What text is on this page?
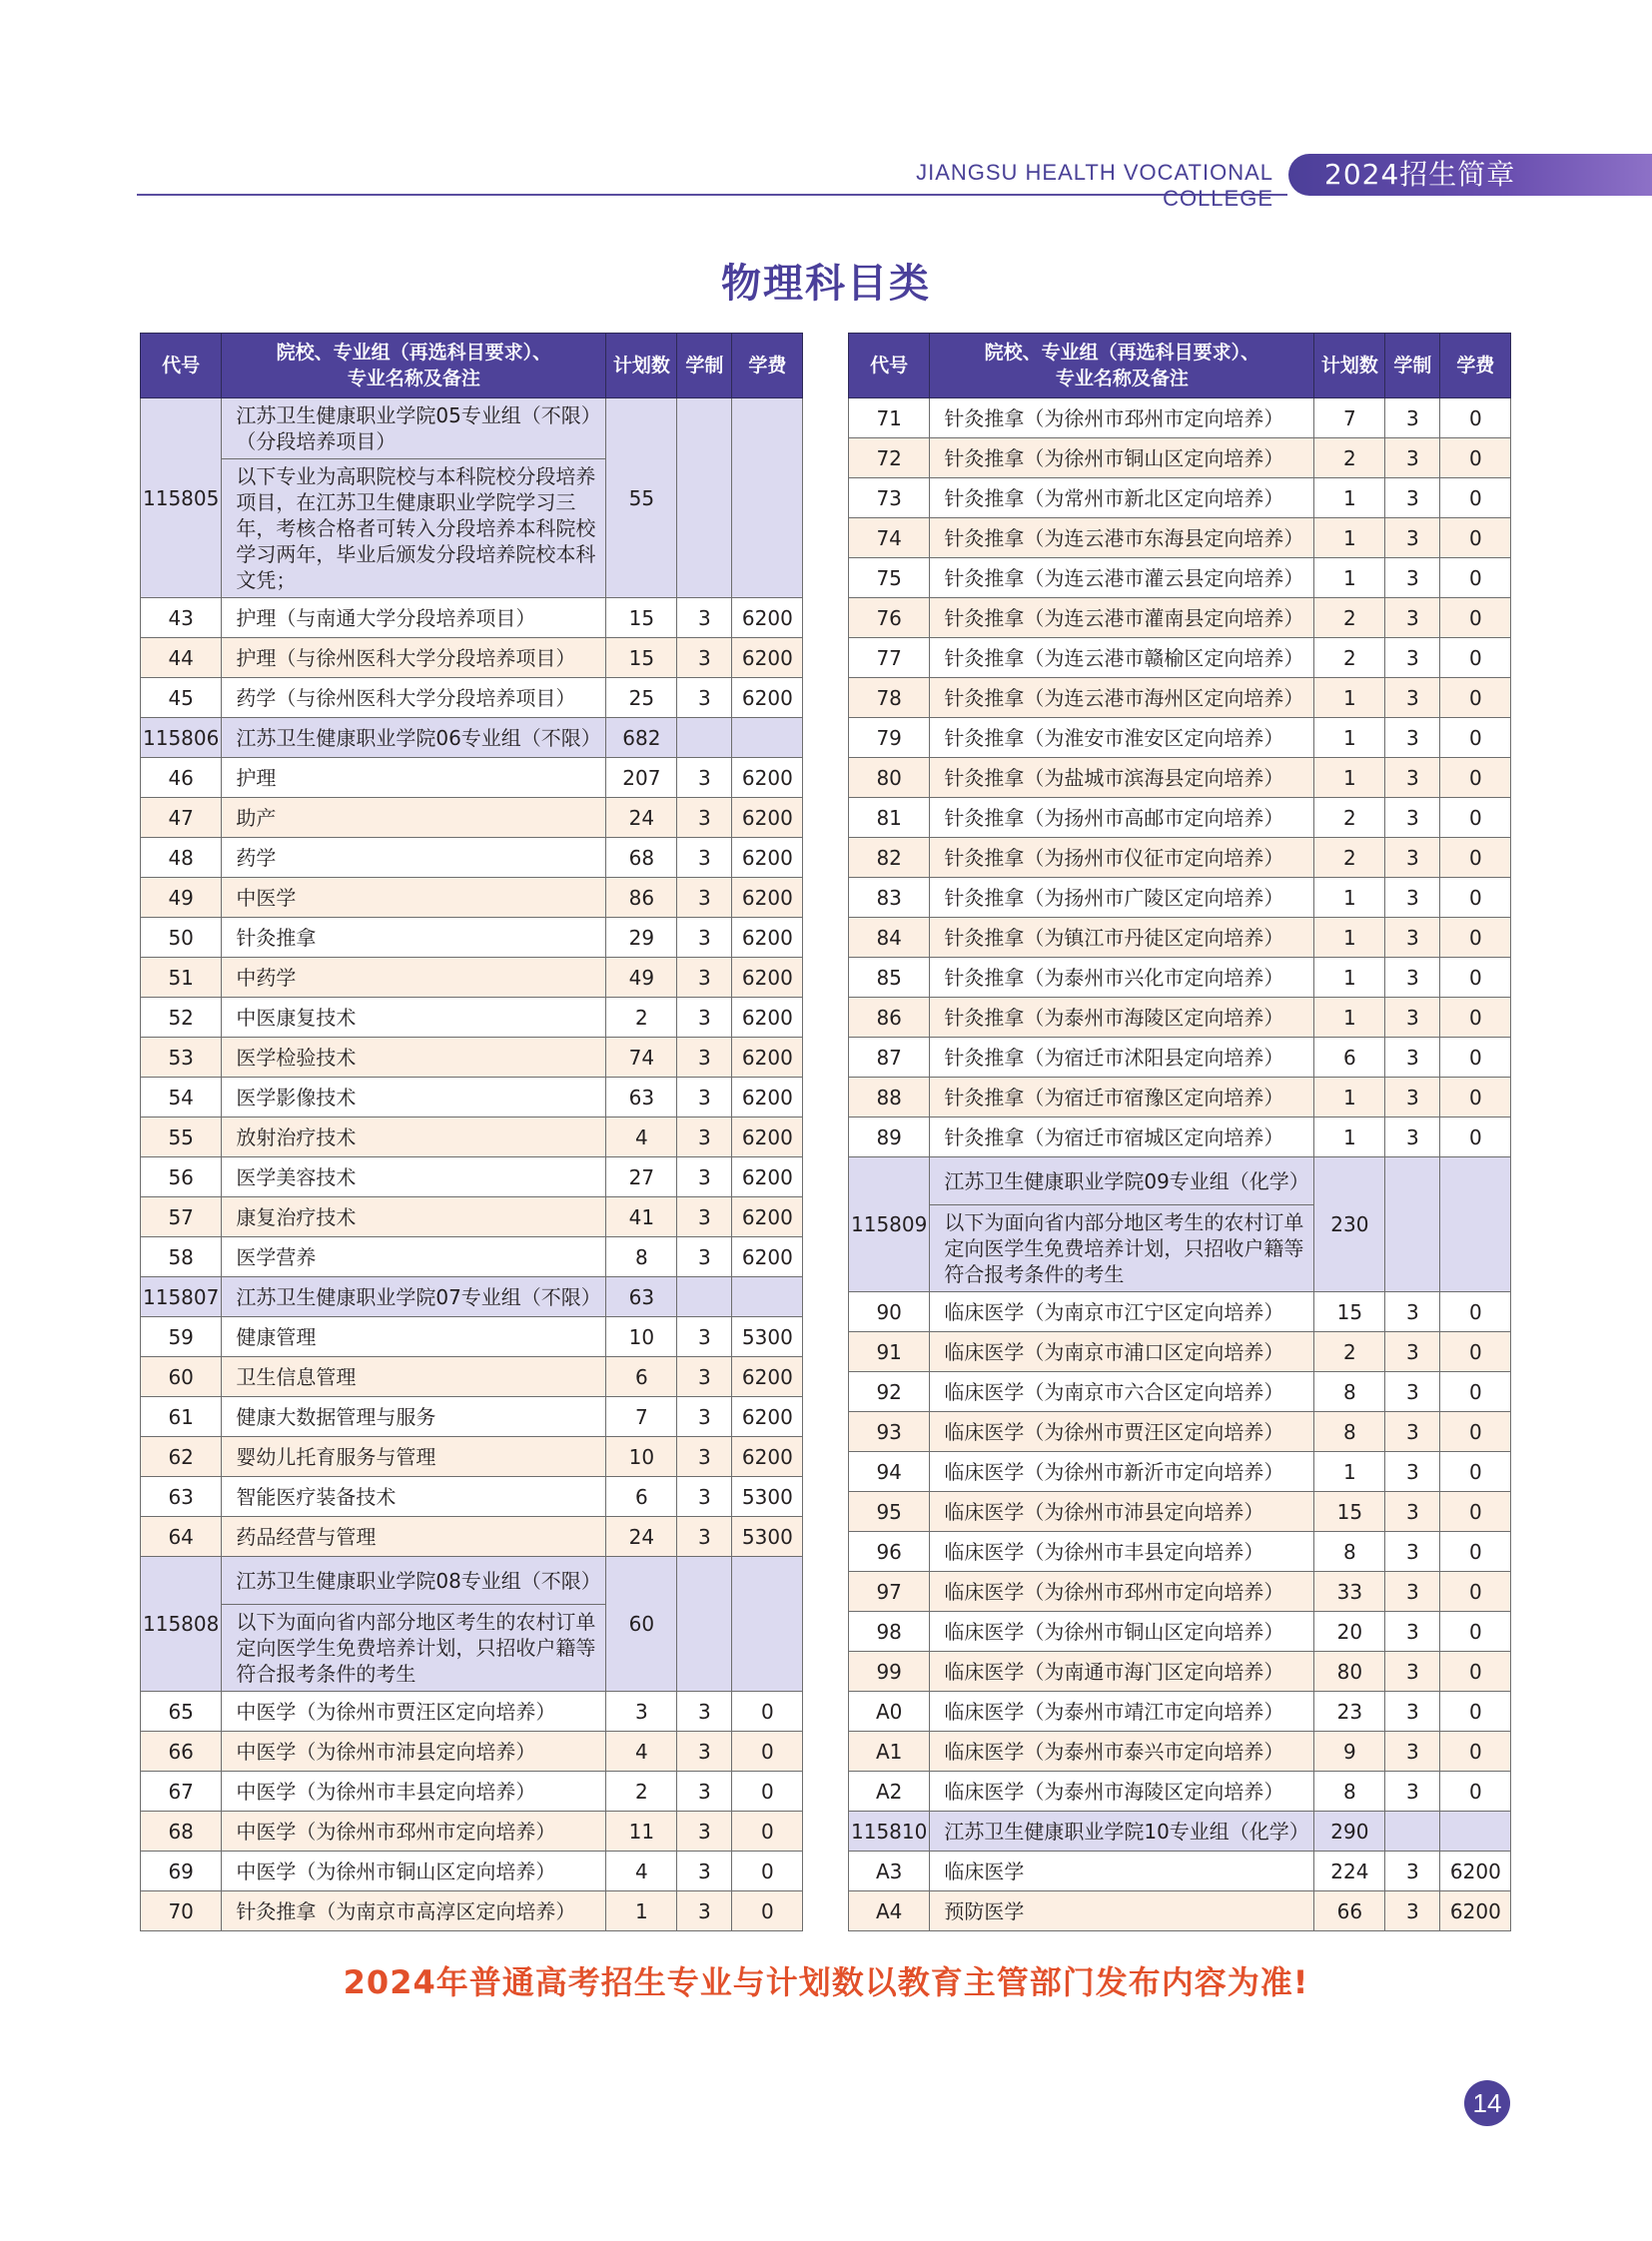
JIANGSU HEALTH VOCATIONAL COLLEGE
2024招生简章
物理科目类
代号	院校、专业组（再选科目要求）、
专业名称及备注	计划数	学制	学费
115805	江苏卫生健康职业学院05专业组（不限）（分段培养项目）	55		
	以下专业为高职院校与本科院校分段培养项目，在江苏卫生健康职业学院学习三年，考核合格者可转入分段培养本科院校学习两年，毕业后颁发分段培养院校本科文凭；			
43	护理（与南通大学分段培养项目）	15	3	6200
44	护理（与徐州医科大学分段培养项目）	15	3	6200
45	药学（与徐州医科大学分段培养项目）	25	3	6200
115806	江苏卫生健康职业学院06专业组（不限）	682		
46	护理	207	3	6200
47	助产	24	3	6200
48	药学	68	3	6200
49	中医学	86	3	6200
50	针灸推拿	29	3	6200
51	中药学	49	3	6200
52	中医康复技术	2	3	6200
53	医学检验技术	74	3	6200
54	医学影像技术	63	3	6200
55	放射治疗技术	4	3	6200
56	医学美容技术	27	3	6200
57	康复治疗技术	41	3	6200
58	医学营养	8	3	6200
115807	江苏卫生健康职业学院07专业组（不限）	63		
59	健康管理	10	3	5300
60	卫生信息管理	6	3	6200
61	健康大数据管理与服务	7	3	6200
62	婴幼儿托育服务与管理	10	3	6200
63	智能医疗装备技术	6	3	5300
64	药品经营与管理	24	3	5300
115808	江苏卫生健康职业学院08专业组（不限）	60		
	以下为面向省内部分地区考生的农村订单定向医学生免费培养计划，只招收户籍等符合报考条件的考生			
65	中医学（为徐州市贾汪区定向培养）	3	3	0
66	中医学（为徐州市沛县定向培养）	4	3	0
67	中医学（为徐州市丰县定向培养）	2	3	0
68	中医学（为徐州市邳州市定向培养）	11	3	0
69	中医学（为徐州市铜山区定向培养）	4	3	0
70	针灸推拿（为南京市高淳区定向培养）	1	3	0
代号	院校、专业组（再选科目要求）、
专业名称及备注	计划数	学制	学费
71	针灸推拿（为徐州市邳州市定向培养）	7	3	0
72	针灸推拿（为徐州市铜山区定向培养）	2	3	0
73	针灸推拿（为常州市新北区定向培养）	1	3	0
74	针灸推拿（为连云港市东海县定向培养）	1	3	0
75	针灸推拿（为连云港市灌云县定向培养）	1	3	0
76	针灸推拿（为连云港市灌南县定向培养）	2	3	0
77	针灸推拿（为连云港市赣榆区定向培养）	2	3	0
78	针灸推拿（为连云港市海州区定向培养）	1	3	0
79	针灸推拿（为淮安市淮安区定向培养）	1	3	0
80	针灸推拿（为盐城市滨海县定向培养）	1	3	0
81	针灸推拿（为扬州市高邮市定向培养）	2	3	0
82	针灸推拿（为扬州市仪征市定向培养）	2	3	0
83	针灸推拿（为扬州市广陵区定向培养）	1	3	0
84	针灸推拿（为镇江市丹徒区定向培养）	1	3	0
85	针灸推拿（为泰州市兴化市定向培养）	1	3	0
86	针灸推拿（为泰州市海陵区定向培养）	1	3	0
87	针灸推拿（为宿迁市沭阳县定向培养）	6	3	0
88	针灸推拿（为宿迁市宿豫区定向培养）	1	3	0
89	针灸推拿（为宿迁市宿城区定向培养）	1	3	0
115809	江苏卫生健康职业学院09专业组（化学）	230		
	以下为面向省内部分地区考生的农村订单定向医学生免费培养计划，只招收户籍等符合报考条件的考生			
90	临床医学（为南京市江宁区定向培养）	15	3	0
91	临床医学（为南京市浦口区定向培养）	2	3	0
92	临床医学（为南京市六合区定向培养）	8	3	0
93	临床医学（为徐州市贾汪区定向培养）	8	3	0
94	临床医学（为徐州市新沂市定向培养）	1	3	0
95	临床医学（为徐州市沛县定向培养）	15	3	0
96	临床医学（为徐州市丰县定向培养）	8	3	0
97	临床医学（为徐州市邳州市定向培养）	33	3	0
98	临床医学（为徐州市铜山区定向培养）	20	3	0
99	临床医学（为南通市海门区定向培养）	80	3	0
A0	临床医学（为泰州市靖江市定向培养）	23	3	0
A1	临床医学（为泰州市泰兴市定向培养）	9	3	0
A2	临床医学（为泰州市海陵区定向培养）	8	3	0
115810	江苏卫生健康职业学院10专业组（化学）	290		
A3	临床医学	224	3	6200
A4	预防医学	66	3	6200
2024年普通高考招生专业与计划数以教育主管部门发布内容为准!
14
